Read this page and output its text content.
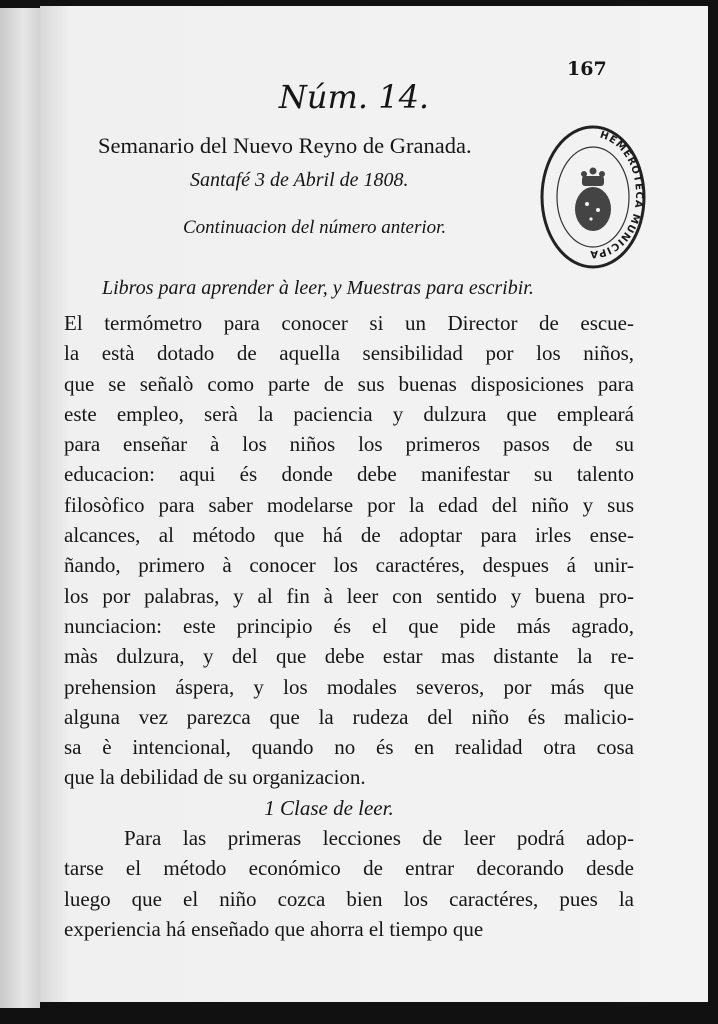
167
Núm. 14.
Semanario del Nuevo Reyno de Granada.
Santafé 3 de Abril de 1808.
Continuacion del número anterior.
HEMEROTECA MUNICIPA
Libros para aprender à leer, y Muestras para escribir.
El termómetro para conocer si un Director de escue-
la està dotado de aquella sensibilidad por los niños,
que se señalò como parte de sus buenas disposiciones para
este empleo, serà la paciencia y dulzura que empleará
para enseñar à los niños los primeros pasos de su
educacion: aqui és donde debe manifestar su talento
filosòfico para saber modelarse por la edad del niño y sus
alcances, al método que há de adoptar para irles ense-
ñando, primero à conocer los caractéres, despues á unir-
los por palabras, y al fin à leer con sentido y buena pro-
nunciacion: este principio és el que pide más agrado,
màs dulzura, y del que debe estar mas distante la re-
prehension áspera, y los modales severos, por más que
alguna vez parezca que la rudeza del niño és malicio-
sa è intencional, quando no és en realidad otra cosa
que la debilidad de su organizacion.
1 Clase de leer.
Para las primeras lecciones de leer podrá adop-
tarse el método económico de entrar decorando desde
luego que el niño cozca bien los caractéres, pues la
experiencia há enseñado que ahorra el tiempo que
